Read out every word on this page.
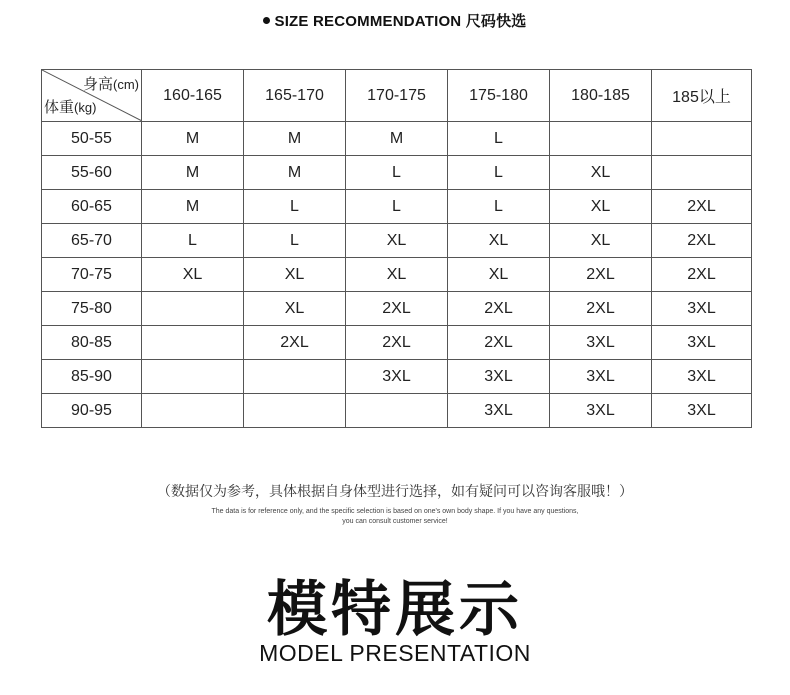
SIZE RECOMMENDATION 尺码快选
身高(cm)
体重(kg)	160-165	165-170	170-175	175-180	180-185	185以上
50-55	M	M	M	L		
55-60	M	M	L	L	XL	
60-65	M	L	L	L	XL	2XL
65-70	L	L	XL	XL	XL	2XL
70-75	XL	XL	XL	XL	2XL	2XL
75-80		XL	2XL	2XL	2XL	3XL
80-85		2XL	2XL	2XL	3XL	3XL
85-90			3XL	3XL	3XL	3XL
90-95				3XL	3XL	3XL
（数据仅为参考，具体根据自身体型进行选择，如有疑问可以咨询客服哦！）
The data is for reference only, and the specific selection is based on one's own body shape. If you have any questions,
you can consult customer service!
模特展示
MODEL PRESENTATION
